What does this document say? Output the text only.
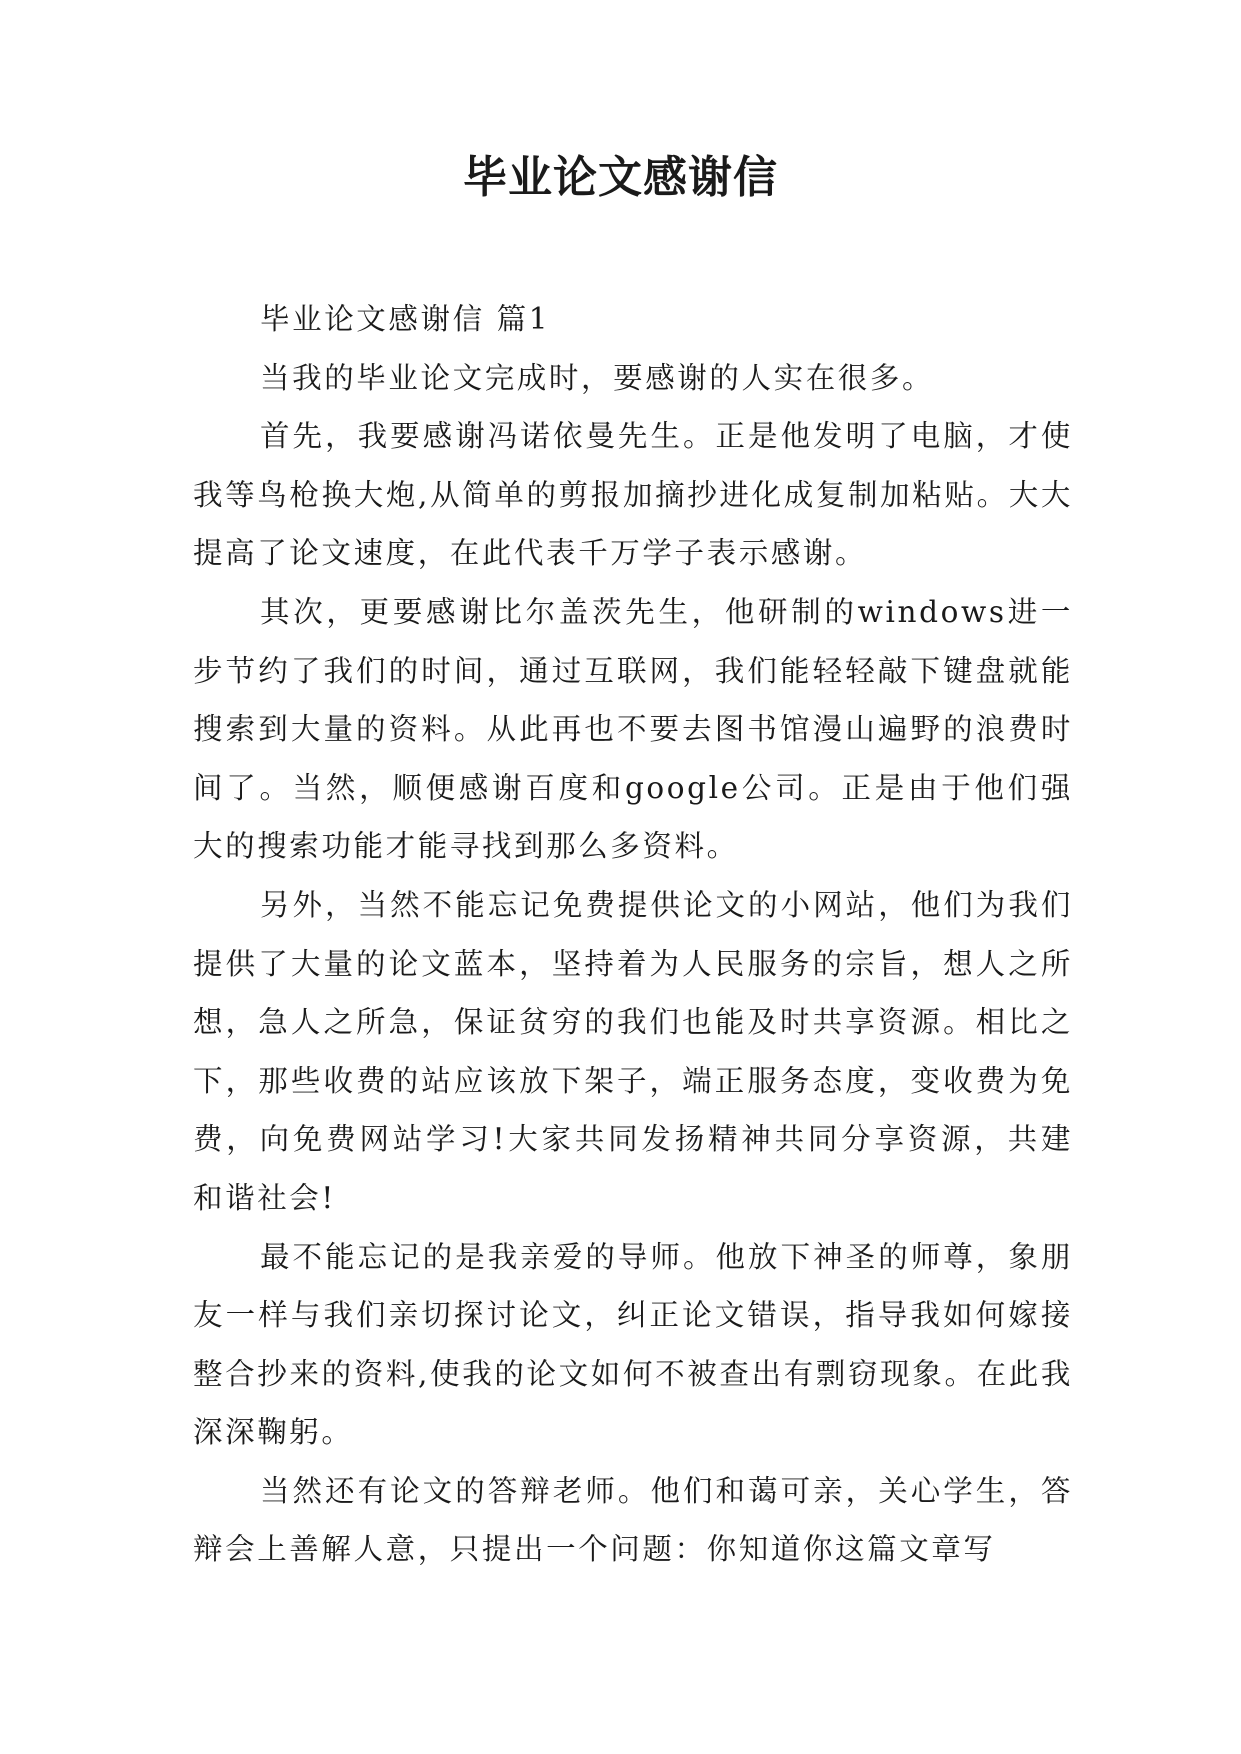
毕业论文感谢信

毕业论文感谢信 篇1

当我的毕业论文完成时，要感谢的人实在很多。

首先，我要感谢冯诺依曼先生。正是他发明了电脑，才使我等鸟枪换大炮,从简单的剪报加摘抄进化成复制加粘贴。大大提高了论文速度，在此代表千万学子表示感谢。

其次，更要感谢比尔盖茨先生，他研制的windows进一步节约了我们的时间，通过互联网，我们能轻轻敲下键盘就能搜索到大量的资料。从此再也不要去图书馆漫山遍野的浪费时间了。当然，顺便感谢百度和google公司。正是由于他们强大的搜索功能才能寻找到那么多资料。

另外，当然不能忘记免费提供论文的小网站，他们为我们提供了大量的论文蓝本，坚持着为人民服务的宗旨，想人之所想，急人之所急，保证贫穷的我们也能及时共享资源。相比之下，那些收费的站应该放下架子，端正服务态度，变收费为免费，向免费网站学习!大家共同发扬精神共同分享资源，共建和谐社会!

最不能忘记的是我亲爱的导师。他放下神圣的师尊，象朋友一样与我们亲切探讨论文，纠正论文错误，指导我如何嫁接整合抄来的资料,使我的论文如何不被查出有剽窃现象。在此我深深鞠躬。

当然还有论文的答辩老师。他们和蔼可亲，关心学生，答辩会上善解人意，只提出一个问题：你知道你这篇文章写
